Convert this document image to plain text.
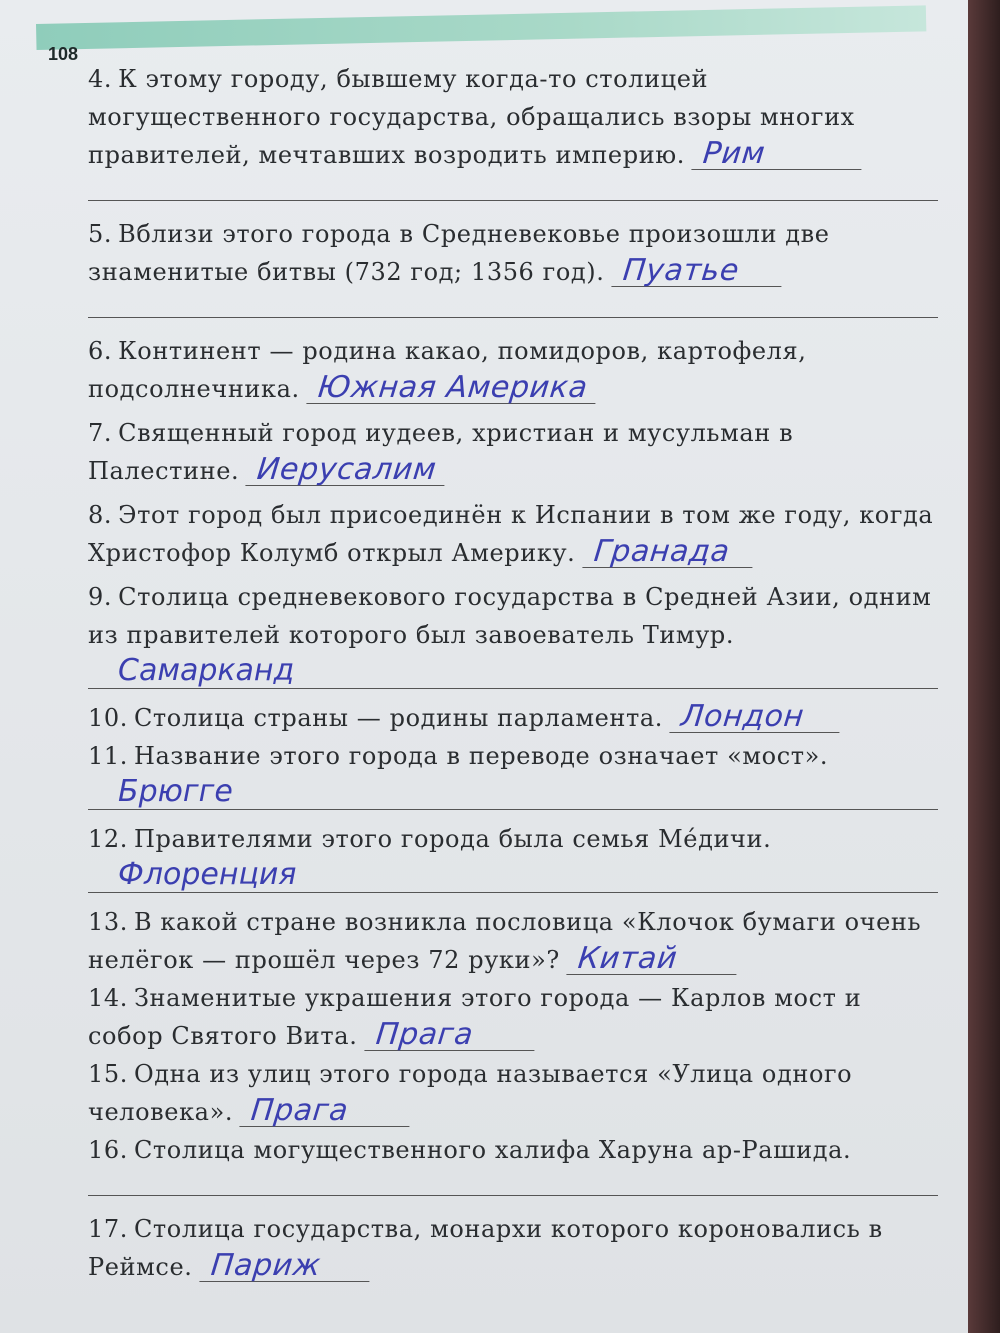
108
4. К этому городу, бывшему когда-то столицей могущественного государства, обращались взоры многих правителей, мечтавших возродить империю. Рим
5. Вблизи этого города в Средневековье произошли две знаменитые битвы (732 год; 1356 год). Пуатье
6. Континент — родина какао, помидоров, картофеля, подсолнечника. Южная Америка
7. Священный город иудеев, христиан и мусульман в Палестине. Иерусалим
8. Этот город был присоединён к Испании в том же году, когда Христофор Колумб открыл Америку. Гранада
9. Столица средневекового государства в Средней Азии, одним из правителей которого был завоеватель Тимур.
Самарканд
10. Столица страны — родины парламента. Лондон
11. Название этого города в переводе означает «мост».
Брюгге
12. Правителями этого города была семья Мéдичи.
Флоренция
13. В какой стране возникла пословица «Клочок бумаги очень нелёгок — прошёл через 72 руки»? Китай
14. Знаменитые украшения этого города — Карлов мост и собор Святого Вита. Прага
15. Одна из улиц этого города называется «Улица одного человека». Прага
16. Столица могущественного халифа Харуна ар-Рашида.
17. Столица государства, монархи которого короновались в Реймсе. Париж
